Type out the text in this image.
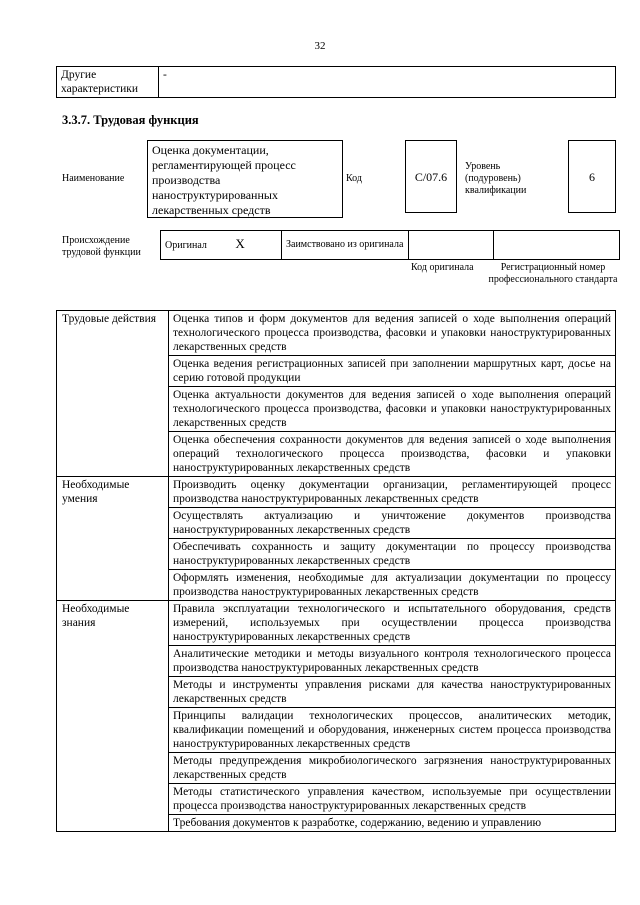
32
Другие характеристики	-
3.3.7. Трудовая функция
Наименование
Оценка документации, регламентирующей процесс производства наноструктурированных лекарственных средств
Код	C/07.6
Уровень (подуровень) квалификации
6
Происхождение трудовой функции
Оригинал X	Заимствовано из оригинала		
Код оригинала	Регистрационный номер профессионального стандарта
Трудовые действия	Оценка типов и форм документов для ведения записей о ходе выполнения операций технологического процесса производства, фасовки и упаковки наноструктурированных лекарственных средств
	Оценка ведения регистрационных записей при заполнении маршрутных карт, досье на серию готовой продукции
	Оценка актуальности документов для ведения записей о ходе выполнения операций технологического процесса производства, фасовки и упаковки наноструктурированных лекарственных средств
	Оценка обеспечения сохранности документов для ведения записей о ходе выполнения операций технологического процесса производства, фасовки и упаковки наноструктурированных лекарственных средств
Необходимые умения	Производить оценку документации организации, регламентирующей процесс производства наноструктурированных лекарственных средств
	Осуществлять актуализацию и уничтожение документов производства наноструктурированных лекарственных средств
	Обеспечивать сохранность и защиту документации по процессу производства наноструктурированных лекарственных средств
	Оформлять изменения, необходимые для актуализации документации по процессу производства наноструктурированных лекарственных средств
Необходимые знания	Правила эксплуатации технологического и испытательного оборудования, средств измерений, используемых при осуществлении процесса производства наноструктурированных лекарственных средств
	Аналитические методики и методы визуального контроля технологического процесса производства наноструктурированных лекарственных средств
	Методы и инструменты управления рисками для качества наноструктурированных лекарственных средств
	Принципы валидации технологических процессов, аналитических методик, квалификации помещений и оборудования, инженерных систем процесса производства наноструктурированных лекарственных средств
	Методы предупреждения микробиологического загрязнения наноструктурированных лекарственных средств
	Методы статистического управления качеством, используемые при осуществлении процесса производства наноструктурированных лекарственных средств
	Требования документов к разработке, содержанию, ведению и управлению
